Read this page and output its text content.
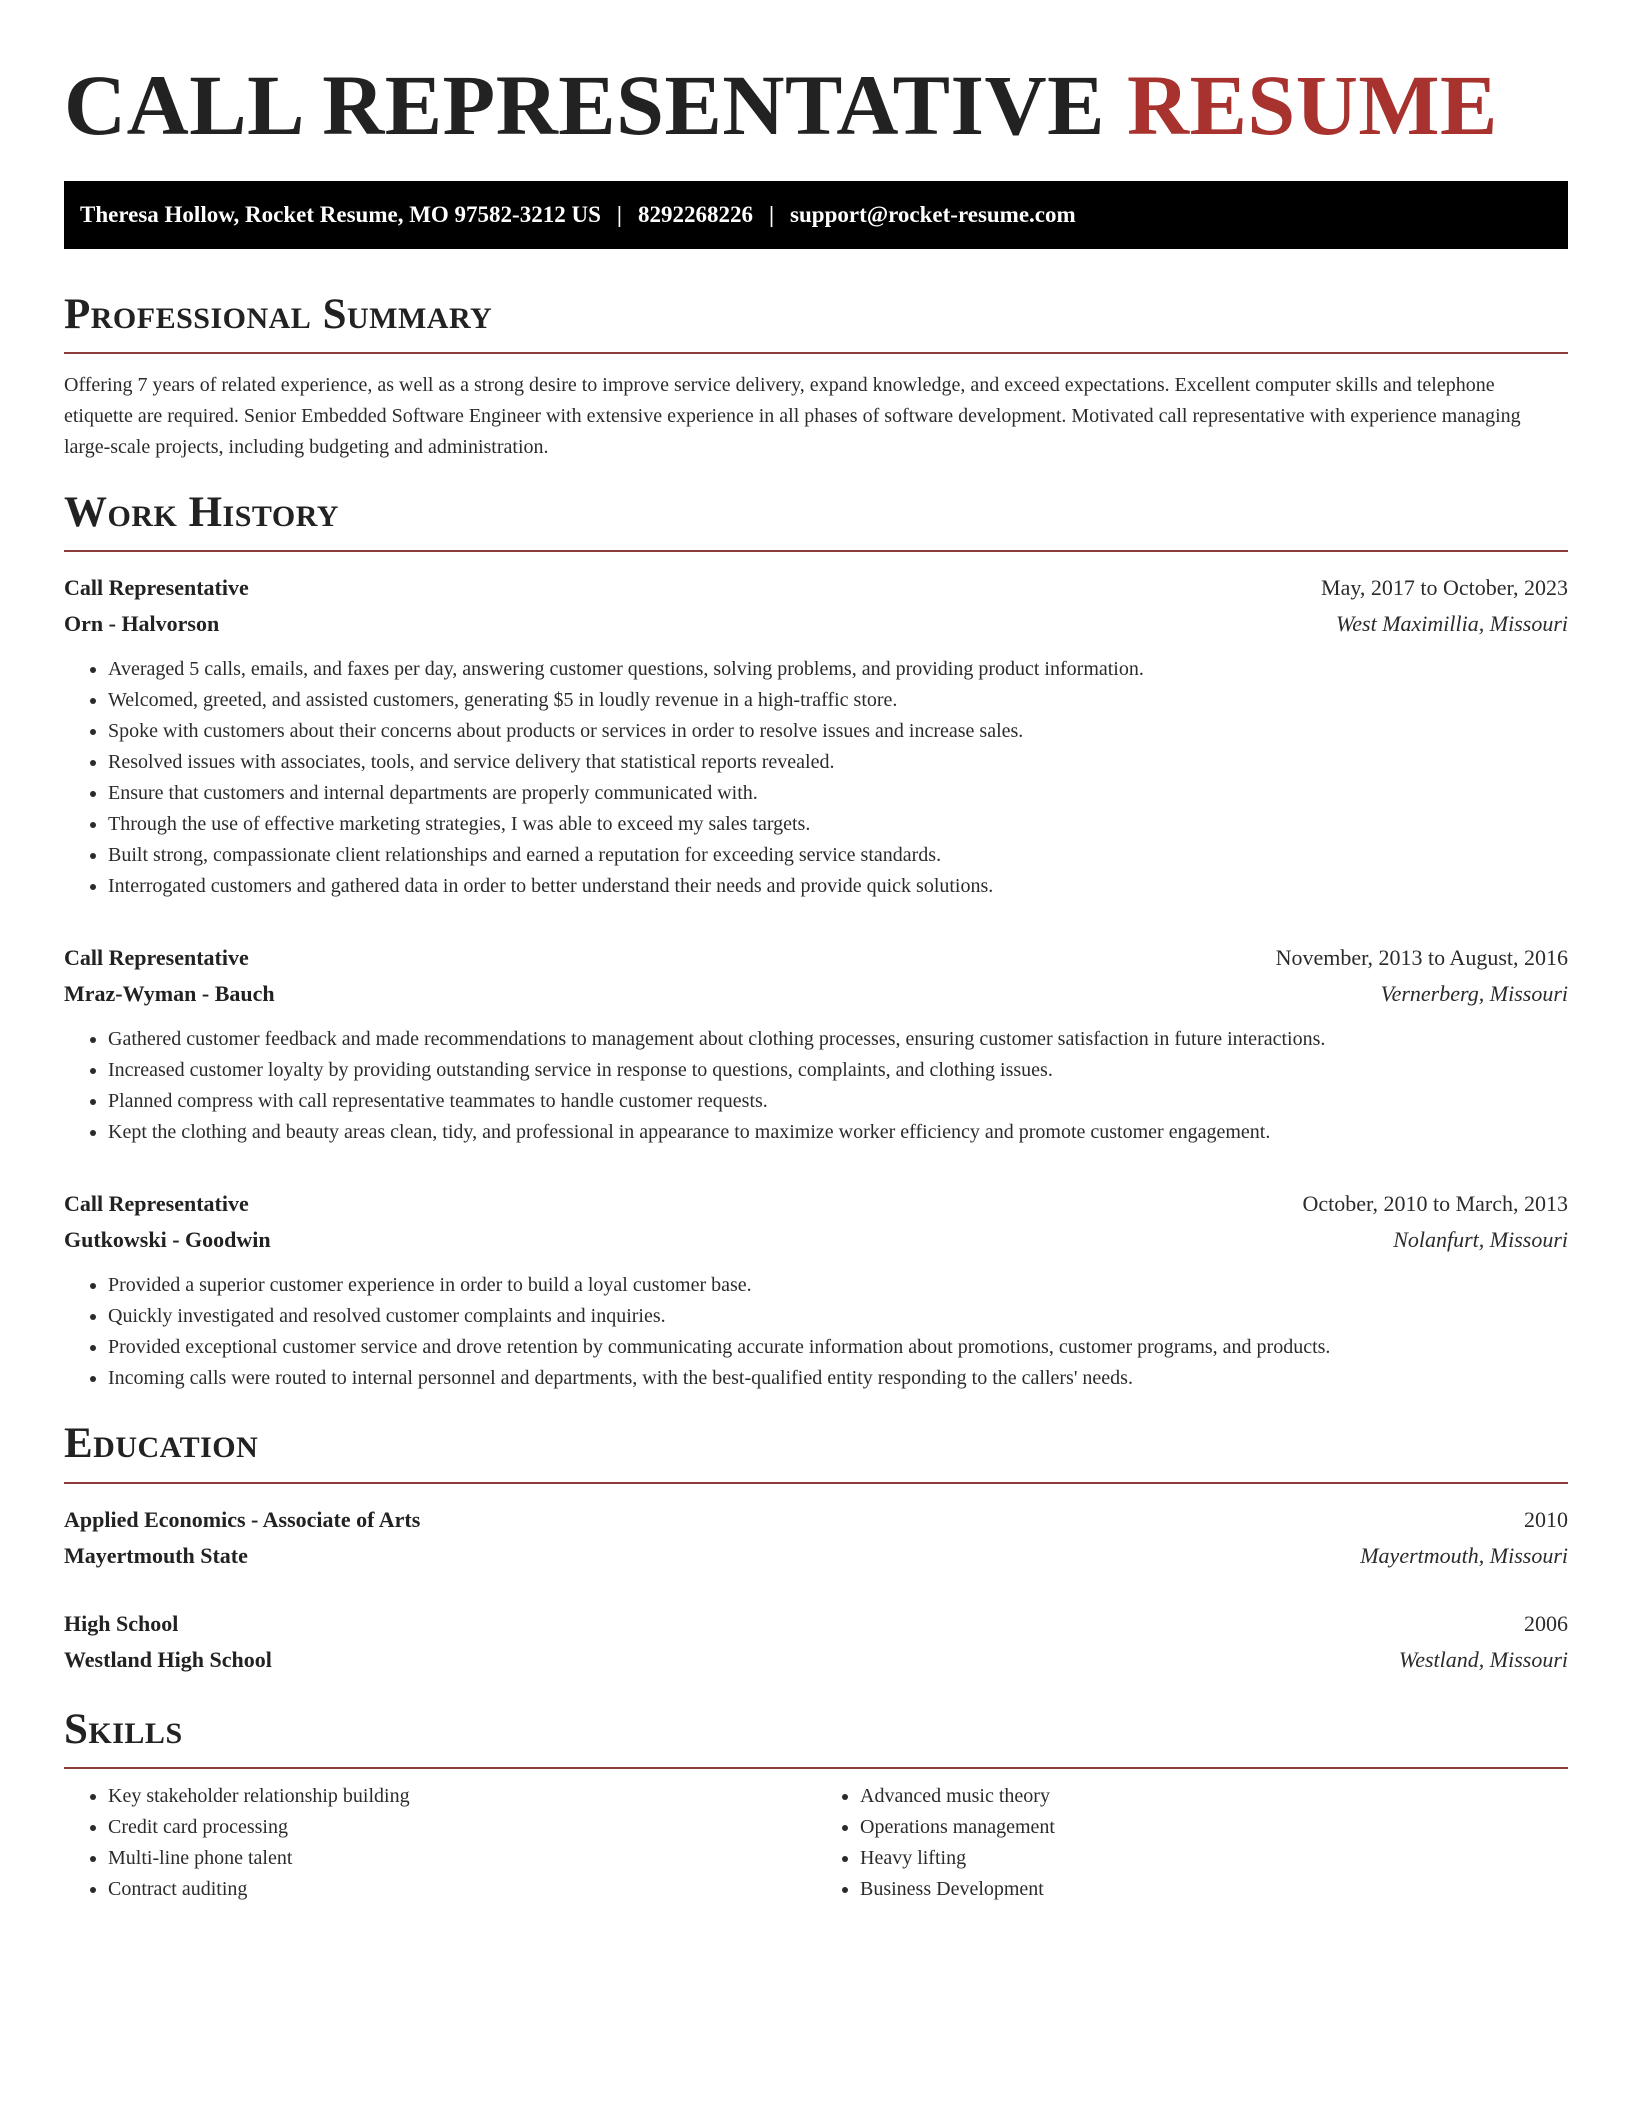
CALL REPRESENTATIVE RESUME
Theresa Hollow, Rocket Resume, MO 97582-3212 US | 8292268226 | support@rocket-resume.com
Professional Summary

Offering 7 years of related experience, as well as a strong desire to improve service delivery, expand knowledge, and exceed expectations. Excellent computer skills and telephone etiquette are required. Senior Embedded Software Engineer with extensive experience in all phases of software development. Motivated call representative with experience managing large-scale projects, including budgeting and administration.

Work History
Call Representative	May, 2017 to October, 2023
Orn - Halvorson	West Maximillia, Missouri
• Averaged 5 calls, emails, and faxes per day, answering customer questions, solving problems, and providing product information.
• Welcomed, greeted, and assisted customers, generating $5 in loudly revenue in a high-traffic store.
• Spoke with customers about their concerns about products or services in order to resolve issues and increase sales.
• Resolved issues with associates, tools, and service delivery that statistical reports revealed.
• Ensure that customers and internal departments are properly communicated with.
• Through the use of effective marketing strategies, I was able to exceed my sales targets.
• Built strong, compassionate client relationships and earned a reputation for exceeding service standards.
• Interrogated customers and gathered data in order to better understand their needs and provide quick solutions.
Call Representative	November, 2013 to August, 2016
Mraz-Wyman - Bauch	Vernerberg, Missouri
• Gathered customer feedback and made recommendations to management about clothing processes, ensuring customer satisfaction in future interactions.
• Increased customer loyalty by providing outstanding service in response to questions, complaints, and clothing issues.
• Planned compress with call representative teammates to handle customer requests.
• Kept the clothing and beauty areas clean, tidy, and professional in appearance to maximize worker efficiency and promote customer engagement.
Call Representative	October, 2010 to March, 2013
Gutkowski - Goodwin	Nolanfurt, Missouri
• Provided a superior customer experience in order to build a loyal customer base.
• Quickly investigated and resolved customer complaints and inquiries.
• Provided exceptional customer service and drove retention by communicating accurate information about promotions, customer programs, and products.
• Incoming calls were routed to internal personnel and departments, with the best-qualified entity responding to the callers' needs.
Education
Applied Economics - Associate of Arts	2010
Mayertmouth State	Mayertmouth, Missouri
High School	2006
Westland High School	Westland, Missouri
Skills
• Key stakeholder relationship building
• Credit card processing
• Multi-line phone talent
• Contract auditing
• Advanced music theory
• Operations management
• Heavy lifting
• Business Development
